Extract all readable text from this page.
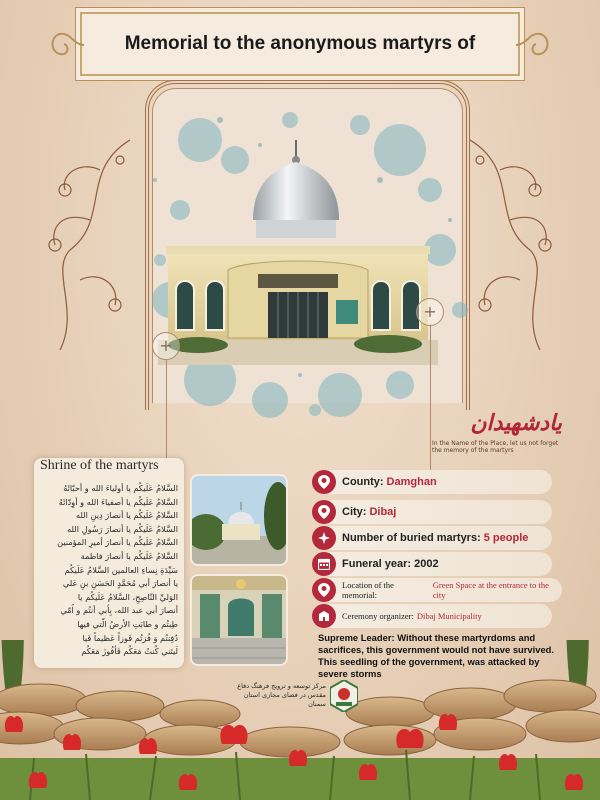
Memorial to the anonymous martyrs of
+
+
یادشهیدان
In the Name of the Place, let us not forget the memory of the martyrs
Shrine of the martyrs
السَّلامُ عَلَيكُم يا أولياءَ الله و أحبّائَهُ
السَّلامُ عَلَيكُم يا أصفياءَ الله و أوِدّائَهُ
السَّلامُ عَلَيكُم يا أنصارَ دِينِ الله
السَّلامُ عَلَيكُم يا أنصارَ رَسُولِ الله
السَّلامُ عَلَيكُم يا أنصارَ أميرِ المؤمنين
السَّلامُ عَلَيكُم يا أنصارَ فاطمة
سَيِّدَةِ نِساءِ العالمين السَّلامُ عَلَيكُم
يا أنصارَ أبي مُحَمَّدٍ الحَسَنِ بنِ عَلي
الوَليِّ النّاصِحِ، السَّلامُ عَلَيكُم يا
أنصارَ أبي عبد الله، بِأبي أنتُم و اُمّي
طِبتُم و طابَتِ الأرضُ الَّتي فيها
دُفِنتُم وَ فُزتُم فَوزاً عَظيماً فَيا
لَيتَني كُنتُ مَعَكُم فَأفُوزَ مَعَكُم
County: Damghan
City: Dibaj
Number of buried martyrs: 5 people
Funeral year: 2002
Location of the memorial:
Green Space at the entrance to the city
Ceremony organizer: Dibaj Municipality
Supreme Leader: Without these martyrdoms and sacrifices, this government would not have survived. This seedling of the government, was attacked by severe storms
مرکز توسعه و ترویج فرهنگ دفاع مقدس در فضای مجازی استان سمنان
